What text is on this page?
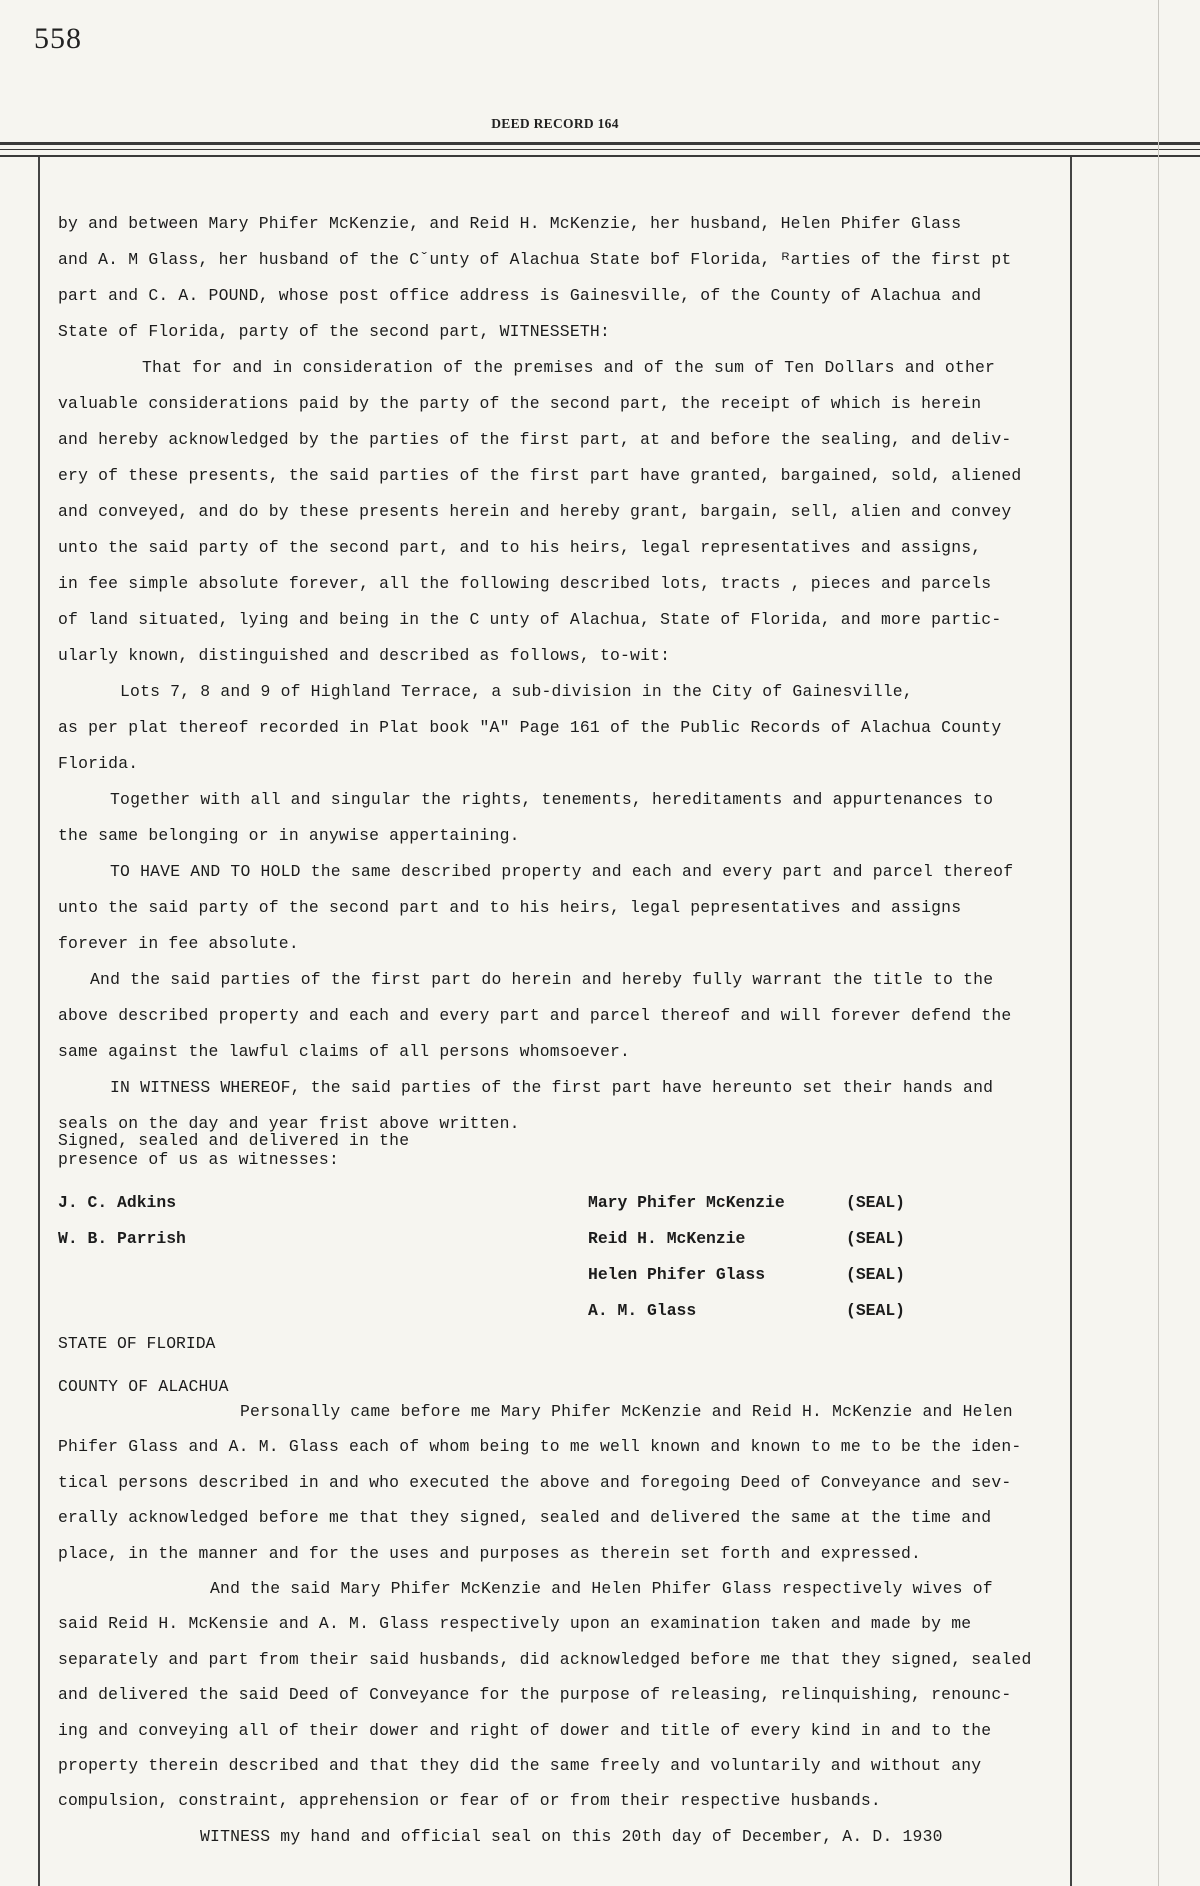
558
DEED RECORD 164
by and between Mary Phifer McKenzie, and Reid H. McKenzie, her husband, Helen Phifer Glass
and A. M Glass, her husband of the Cˇunty of Alachua State bof Florida, ᴿarties of the first pt
part and C. A. POUND, whose post office address is Gainesville, of the County of Alachua and
State of Florida, party of the second part, WITNESSETH:
That for and in consideration of the premises and of the sum of Ten Dollars and other
valuable considerations paid by the party of the second part, the receipt of which is herein
and hereby acknowledged by the parties of the first part, at and before the sealing, and deliv-
ery of these presents, the said parties of the first part have granted, bargained, sold, aliened
and conveyed, and do by these presents herein and hereby grant, bargain, sell, alien and convey
unto the said party of the second part, and to his heirs, legal representatives and assigns,
in fee simple absolute forever, all the following described lots, tracts , pieces and parcels
of land situated, lying and being in the C unty of Alachua, State of Florida, and more partic-
ularly known, distinguished and described as follows, to-wit:
Lots 7, 8 and 9 of Highland Terrace, a sub-division in the City of Gainesville,
as per plat thereof recorded in Plat book "A" Page 161 of the Public Records of Alachua County
Florida.
Together with all and singular the rights, tenements, hereditaments and appurtenances to
the same belonging or in anywise appertaining.
TO HAVE AND TO HOLD the same described property and each and every part and parcel thereof
unto the said party of the second part and to his heirs, legal pepresentatives and assigns
forever in fee absolute.
And the said parties of the first part do herein and hereby fully warrant the title to the
above described property and each and every part and parcel thereof and will forever defend the
same against the lawful claims of all persons whomsoever.
IN WITNESS WHEREOF, the said parties of the first part have hereunto set their hands and
seals on the day and year frist above written.
Signed, sealed and delivered in the
presence of us as witnesses:
J. C. Adkins
W. B. Parrish
Mary Phifer McKenzie	(SEAL)
Reid H. McKenzie	(SEAL)
Helen Phifer Glass	(SEAL)
A. M. Glass	(SEAL)
STATE OF FLORIDA
COUNTY OF ALACHUA
Personally came before me Mary Phifer McKenzie and Reid H. McKenzie and Helen
Phifer Glass and A. M. Glass each of whom being to me well known and known to me to be the iden-
tical persons described in and who executed the above and foregoing Deed of Conveyance and sev-
erally acknowledged before me that they signed, sealed and delivered the same at the time and
place, in the manner and for the uses and purposes as therein set forth and expressed.
And the said Mary Phifer McKenzie and Helen Phifer Glass respectively wives of
said Reid H. McKensie and A. M. Glass respectively upon an examination taken and made by me
separately and part from their said husbands, did acknowledged before me that they signed, sealed
and delivered the said Deed of Conveyance for the purpose of releasing, relinquishing, renounc-
ing and conveying all of their dower and right of dower and title of every kind in and to the
property therein described and that they did the same freely and voluntarily and without any
compulsion, constraint, apprehension or fear of or from their respective husbands.
WITNESS my hand and official seal on this 20th day of December, A. D. 1930
